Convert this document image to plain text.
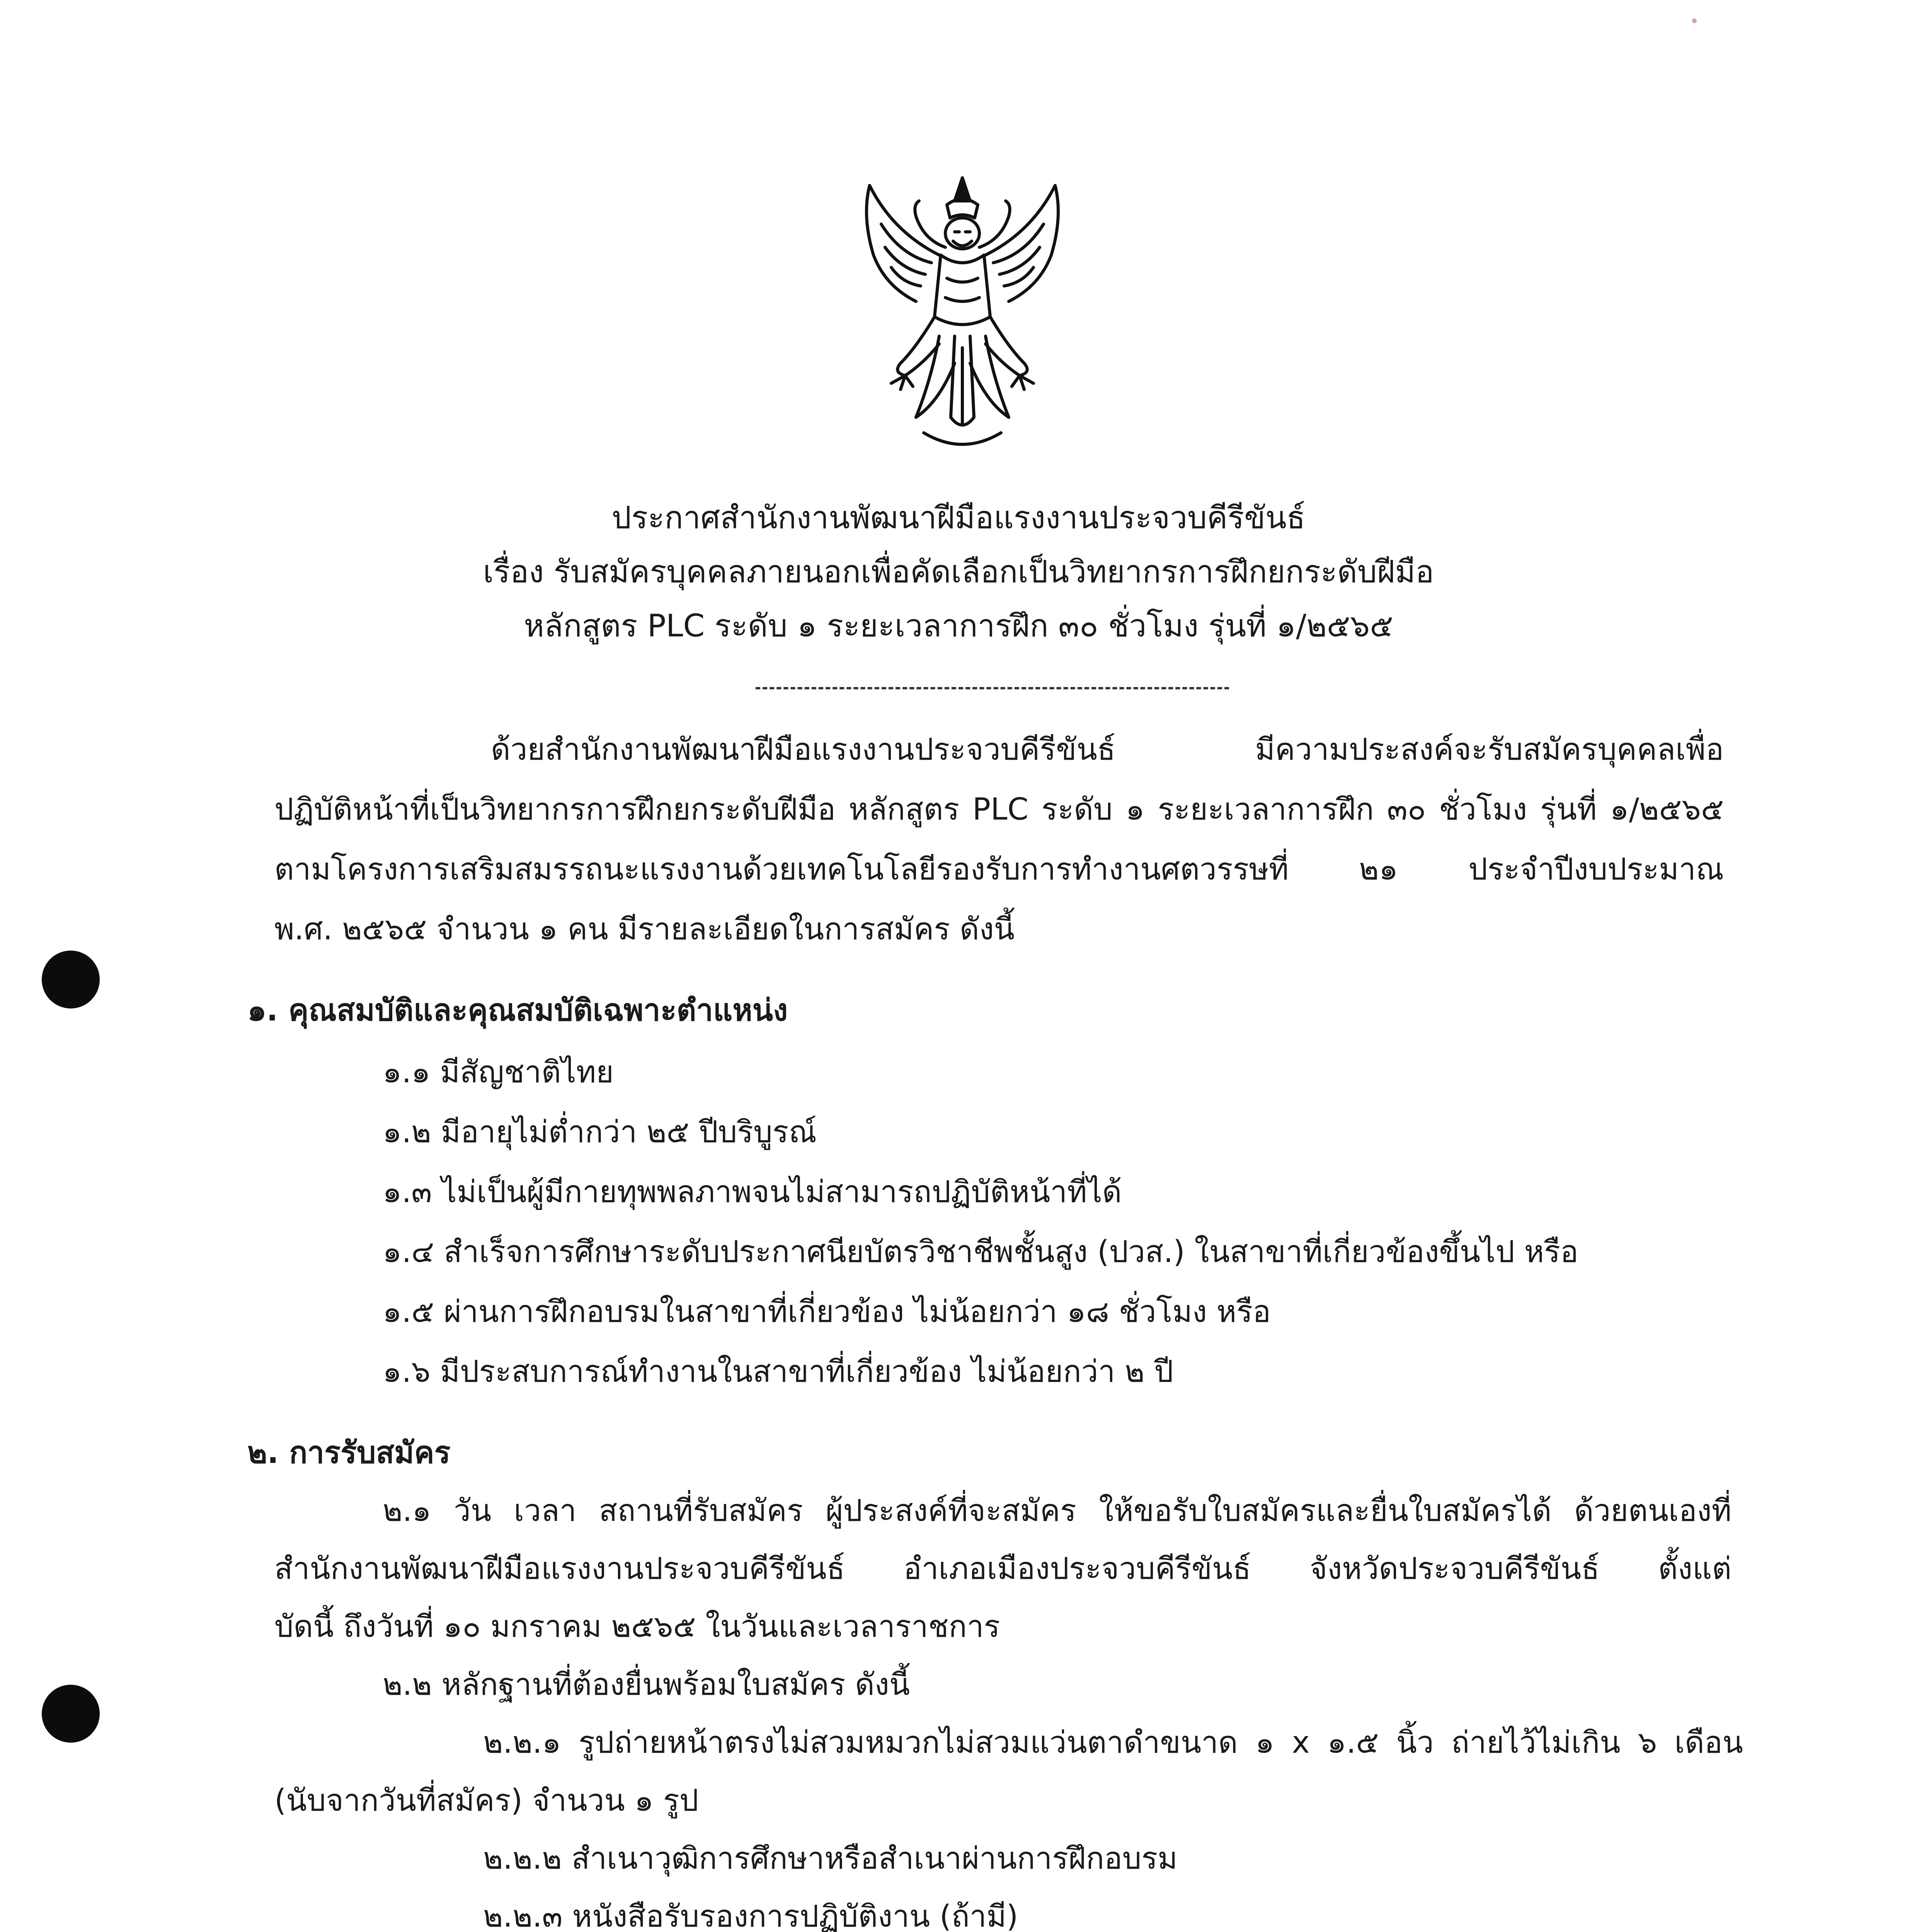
ประกาศสำนักงานพัฒนาฝีมือแรงงานประจวบคีรีขันธ์
เรื่อง รับสมัครบุคคลภายนอกเพื่อคัดเลือกเป็นวิทยากรการฝึกยกระดับฝีมือ
หลักสูตร PLC ระดับ ๑ ระยะเวลาการฝึก ๓๐ ชั่วโมง รุ่นที่ ๑/๒๕๖๕
ด้วยสำนักงานพัฒนาฝีมือแรงงานประจวบคีรีขันธ์ มีความประสงค์จะรับสมัครบุคคลเพื่อ
ปฏิบัติหน้าที่เป็นวิทยากรการฝึกยกระดับฝีมือ หลักสูตร PLC ระดับ ๑ ระยะเวลาการฝึก ๓๐ ชั่วโมง รุ่นที่ ๑/๒๕๖๕
ตามโครงการเสริมสมรรถนะแรงงานด้วยเทคโนโลยีรองรับการทำงานศตวรรษที่ ๒๑ ประจำปีงบประมาณ
พ.ศ. ๒๕๖๕ จำนวน ๑ คน มีรายละเอียดในการสมัคร ดังนี้
๑. คุณสมบัติและคุณสมบัติเฉพาะตำแหน่ง
๑.๑ มีสัญชาติไทย
๑.๒ มีอายุไม่ต่ำกว่า ๒๕ ปีบริบูรณ์
๑.๓ ไม่เป็นผู้มีกายทุพพลภาพจนไม่สามารถปฏิบัติหน้าที่ได้
๑.๔ สำเร็จการศึกษาระดับประกาศนียบัตรวิชาชีพชั้นสูง (ปวส.) ในสาขาที่เกี่ยวข้องขึ้นไป หรือ
๑.๕ ผ่านการฝึกอบรมในสาขาที่เกี่ยวข้อง ไม่น้อยกว่า ๑๘ ชั่วโมง หรือ
๑.๖ มีประสบการณ์ทำงานในสาขาที่เกี่ยวข้อง ไม่น้อยกว่า ๒ ปี
๒. การรับสมัคร
๒.๑ วัน เวลา สถานที่รับสมัคร ผู้ประสงค์ที่จะสมัคร ให้ขอรับใบสมัครและยื่นใบสมัครได้ ด้วยตนเองที่
สำนักงานพัฒนาฝีมือแรงงานประจวบคีรีขันธ์ อำเภอเมืองประจวบคีรีขันธ์ จังหวัดประจวบคีรีขันธ์ ตั้งแต่
บัดนี้ ถึงวันที่ ๑๐ มกราคม ๒๕๖๕ ในวันและเวลาราชการ
๒.๒ หลักฐานที่ต้องยื่นพร้อมใบสมัคร ดังนี้
๒.๒.๑ รูปถ่ายหน้าตรงไม่สวมหมวกไม่สวมแว่นตาดำขนาด ๑ x ๑.๕ นิ้ว ถ่ายไว้ไม่เกิน ๖ เดือน
(นับจากวันที่สมัคร) จำนวน ๑ รูป
๒.๒.๒ สำเนาวุฒิการศึกษาหรือสำเนาผ่านการฝึกอบรม
๒.๒.๓ หนังสือรับรองการปฏิบัติงาน (ถ้ามี)
